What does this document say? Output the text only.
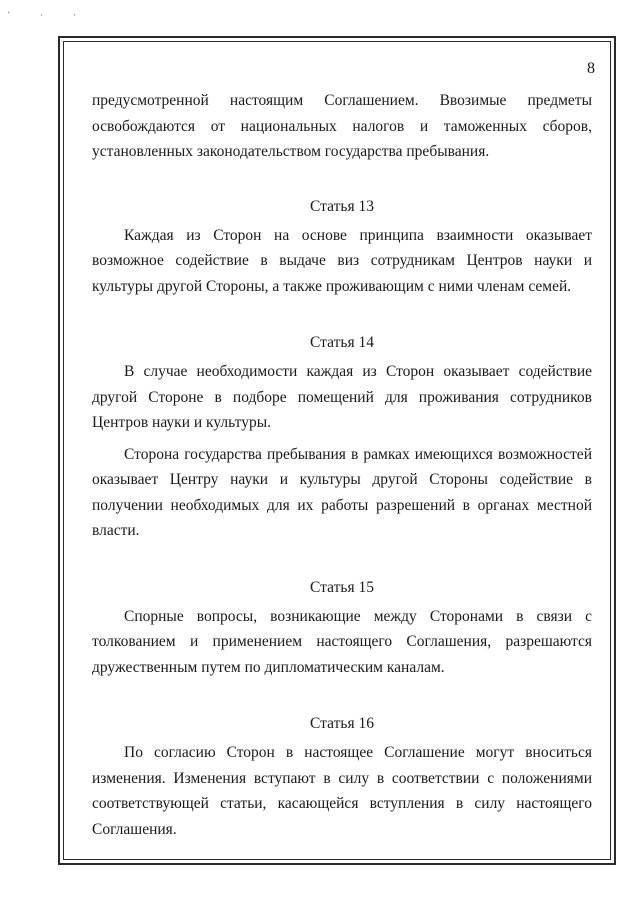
' · ·
8

предусмотренной настоящим Соглашением. Ввозимые предметы освобождаются от национальных налогов и таможенных сборов, установленных законодательством государства пребывания.

Статья 13

Каждая из Сторон на основе принципа взаимности оказывает возможное содействие в выдаче виз сотрудникам Центров науки и культуры другой Стороны, а также проживающим с ними членам семей.

Статья 14

В случае необходимости каждая из Сторон оказывает содействие другой Стороне в подборе помещений для проживания сотрудников Центров науки и культуры.

Сторона государства пребывания в рамках имеющихся возможностей оказывает Центру науки и культуры другой Стороны содействие в получении необходимых для их работы разрешений в органах местной власти.

Статья 15

Спорные вопросы, возникающие между Сторонами в связи с толкованием и применением настоящего Соглашения, разрешаются дружественным путем по дипломатическим каналам.

Статья 16

По согласию Сторон в настоящее Соглашение могут вноситься изменения. Изменения вступают в силу в соответствии с положениями соответствующей статьи, касающейся вступления в силу настоящего Соглашения.
